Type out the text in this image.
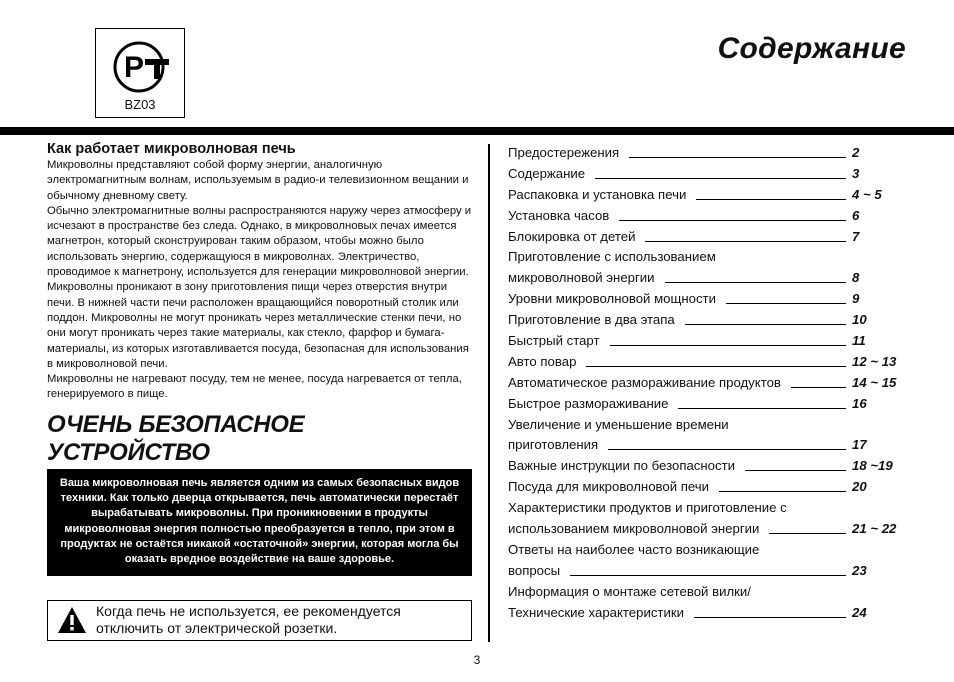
P
BZ03
Содержание
Как работает микроволновая печь

Микроволны представляют собой форму энергии, аналогичную электромагнитным волнам, используемым в радио-и телевизионном вещании и обычному дневному свету.

Обычно электромагнитные волны распространяются наружу через атмосферу и исчезают в пространстве без следа. Однако, в микроволновых печах имеется магнетрон, который сконструирован таким образом, чтобы можно было использовать энергию, содержащуюся в микроволнах. Электричество, проводимое к магнетрону, используется для генерации микроволновой энергии.

Микроволны проникают в зону приготовления пищи через отверстия внутри печи. В нижней части печи расположен вращающийся поворотный столик или поддон. Микроволны не могут проникать через металлические стенки печи, но они могут проникать через такие материалы, как стекло, фарфор и бумага- материалы, из которых изготавливается посуда, безопасная для использования в микроволновой печи.

Микроволны не нагревают посуду, тем не менее, посуда нагревается от тепла, генерируемого в пище.

ОЧЕНЬ БЕЗОПАСНОЕ УСТРОЙСТВО
Ваша микроволновая печь является одним из самых безопасных видов техники. Как только дверца открывается, печь автоматически перестаёт вырабатывать микроволны. При проникновении в продукты микроволновая энергия полностью преобразуется в тепло, при этом в продуктах не остаётся никакой «остаточной» энергии, которая могла бы оказать вредное воздействие на ваше здоровье.
Когда печь не используется, ее рекомендуется отключить от электрической розетки.
Предостережения	2
Содержание	3
Распаковка и установка печи	4 ~ 5
Установка часов	6
Блокировка от детей	7
Приготовление с использованием
микроволновой энергии	8
Уровни микроволновой мощности	9
Приготовление в два этапа	10
Быстрый старт	11
Авто повар	12 ~ 13
Автоматическое размораживание продуктов	14 ~ 15
Быстрое размораживание	16
Увеличение и уменьшение времени
приготовления	17
Важные инструкции по безопасности	18 ~19
Посуда для микроволновой печи	20
Характеристики продуктов и приготовление с
использованием микроволновой энергии	21 ~ 22
Ответы на наиболее часто возникающие
вопросы	23
Информация о монтаже сетевой вилки/
Технические характеристики	24
3
